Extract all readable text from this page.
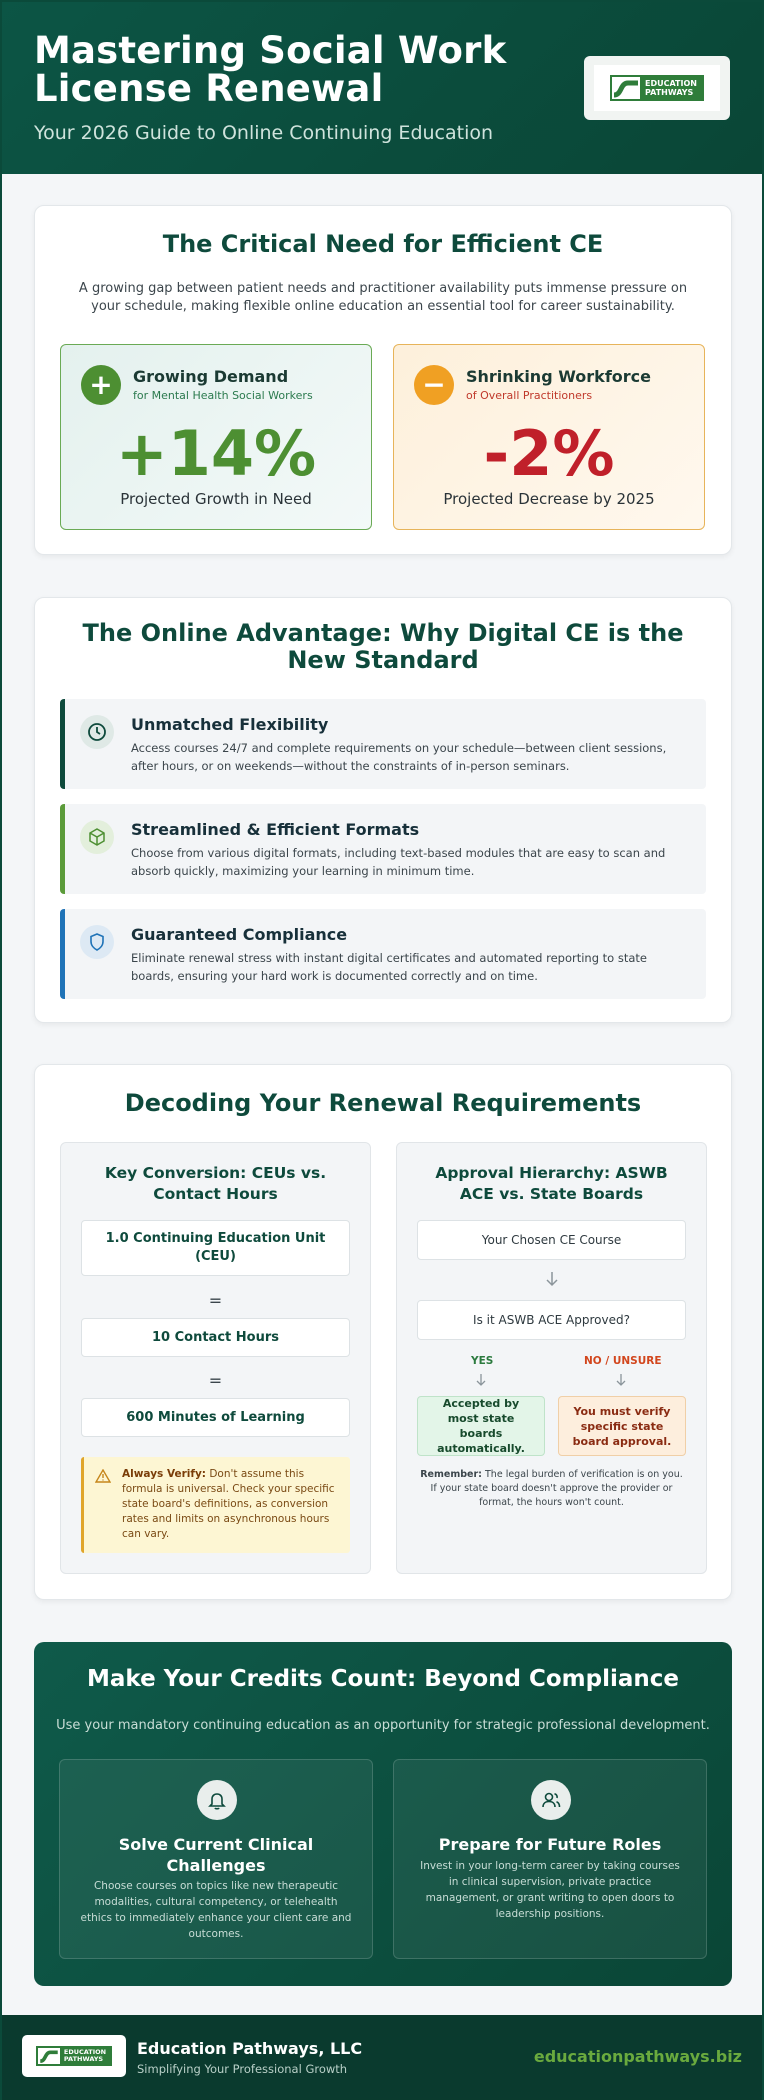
Mastering Social Work License Renewal
Your 2026 Guide to Online Continuing Education
EDUCATION
PATHWAYS
The Critical Need for Efficient CE
A growing gap between patient needs and practitioner availability puts immense pressure on your schedule, making flexible online education an essential tool for career sustainability.
+	Growing Demand
for Mental Health Social Workers
+14%
Projected Growth in Need
−	Shrinking Workforce
of Overall Practitioners
-2%
Projected Decrease by 2025
The Online Advantage: Why Digital CE is the New Standard
Unmatched Flexibility
Access courses 24/7 and complete requirements on your schedule—between client sessions, after hours, or on weekends—without the constraints of in-person seminars.
Streamlined & Efficient Formats
Choose from various digital formats, including text-based modules that are easy to scan and absorb quickly, maximizing your learning in minimum time.
Guaranteed Compliance
Eliminate renewal stress with instant digital certificates and automated reporting to state boards, ensuring your hard work is documented correctly and on time.
Decoding Your Renewal Requirements
Key Conversion: CEUs vs. Contact Hours
1.0 Continuing Education Unit (CEU)
=
10 Contact Hours
=
600 Minutes of Learning
Always Verify: Don't assume this formula is universal. Check your specific state board's definitions, as conversion rates and limits on asynchronous hours can vary.
Approval Hierarchy: ASWB ACE vs. State Boards
Your Chosen CE Course
Is it ASWB ACE Approved?
YES	NO / UNSURE
Accepted by most state boards automatically.
You must verify specific state board approval.
Remember: The legal burden of verification is on you. If your state board doesn't approve the provider or format, the hours won't count.
Make Your Credits Count: Beyond Compliance
Use your mandatory continuing education as an opportunity for strategic professional development.
Solve Current Clinical Challenges
Choose courses on topics like new therapeutic modalities, cultural competency, or telehealth ethics to immediately enhance your client care and outcomes.
Prepare for Future Roles
Invest in your long-term career by taking courses in clinical supervision, private practice management, or grant writing to open doors to leadership positions.
EDUCATION
PATHWAYS
Education Pathways, LLC
Simplifying Your Professional Growth
educationpathways.biz
